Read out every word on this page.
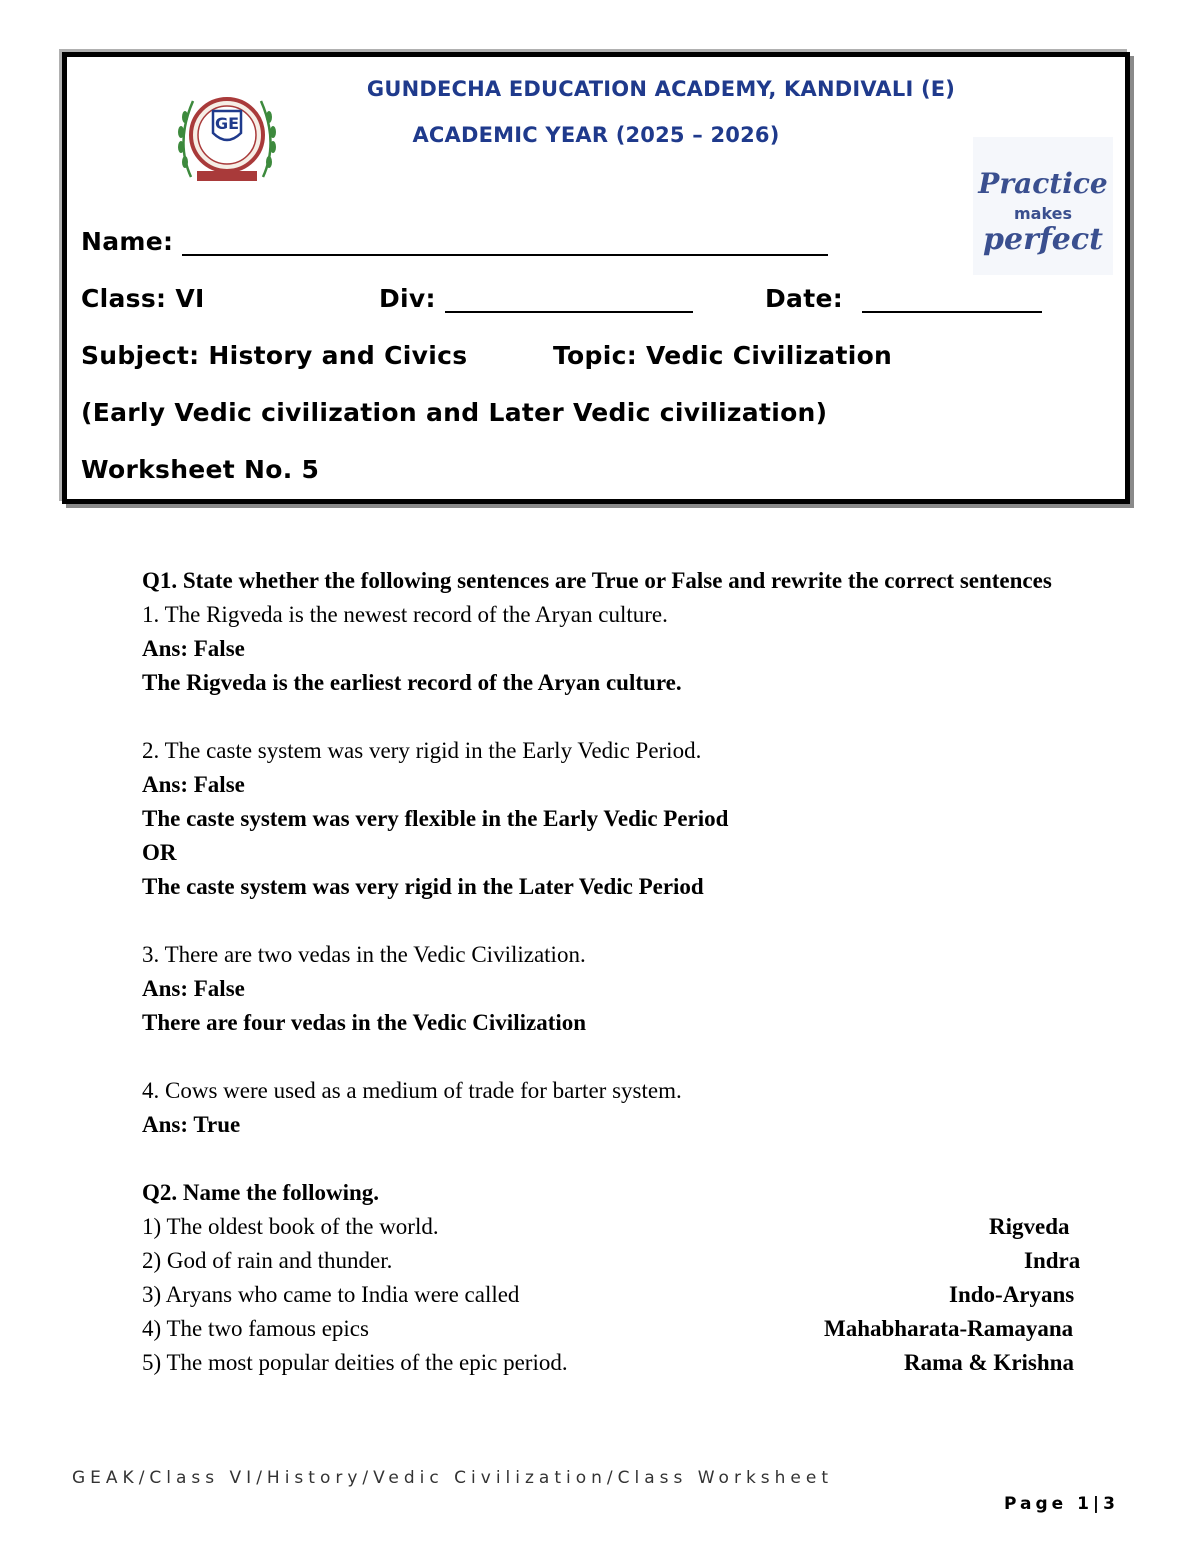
GUNDECHA EDUCATION ACADEMY, KANDIVALI (E)
ACADEMIC YEAR (2025 – 2026)
GE
Practice
makes
perfect
Name:
Class: VI	Div:	Date:
Subject: History and Civics	Topic: Vedic Civilization
(Early Vedic civilization and Later Vedic civilization)
Worksheet No. 5

Q1. State whether the following sentences are True or False and rewrite the correct sentences

1. The Rigveda is the newest record of the Aryan culture.

Ans: False

The Rigveda is the earliest record of the Aryan culture.

2. The caste system was very rigid in the Early Vedic Period.

Ans: False

The caste system was very flexible in the Early Vedic Period

OR

The caste system was very rigid in the Later Vedic Period

3. There are two vedas in the Vedic Civilization.

Ans: False

There are four vedas in the Vedic Civilization

4. Cows were used as a medium of trade for barter system.

Ans: True

Q2. Name the following.

1) The oldest book of the world.	Rigveda
2) God of rain and thunder.	Indra
3) Aryans who came to India were called	Indo-Aryans
4) The two famous epics	Mahabharata-Ramayana
5) The most popular deities of the epic period.	Rama & Krishna
GEAK/Class VI/History/Vedic Civilization/Class Worksheet
Page 1|3
